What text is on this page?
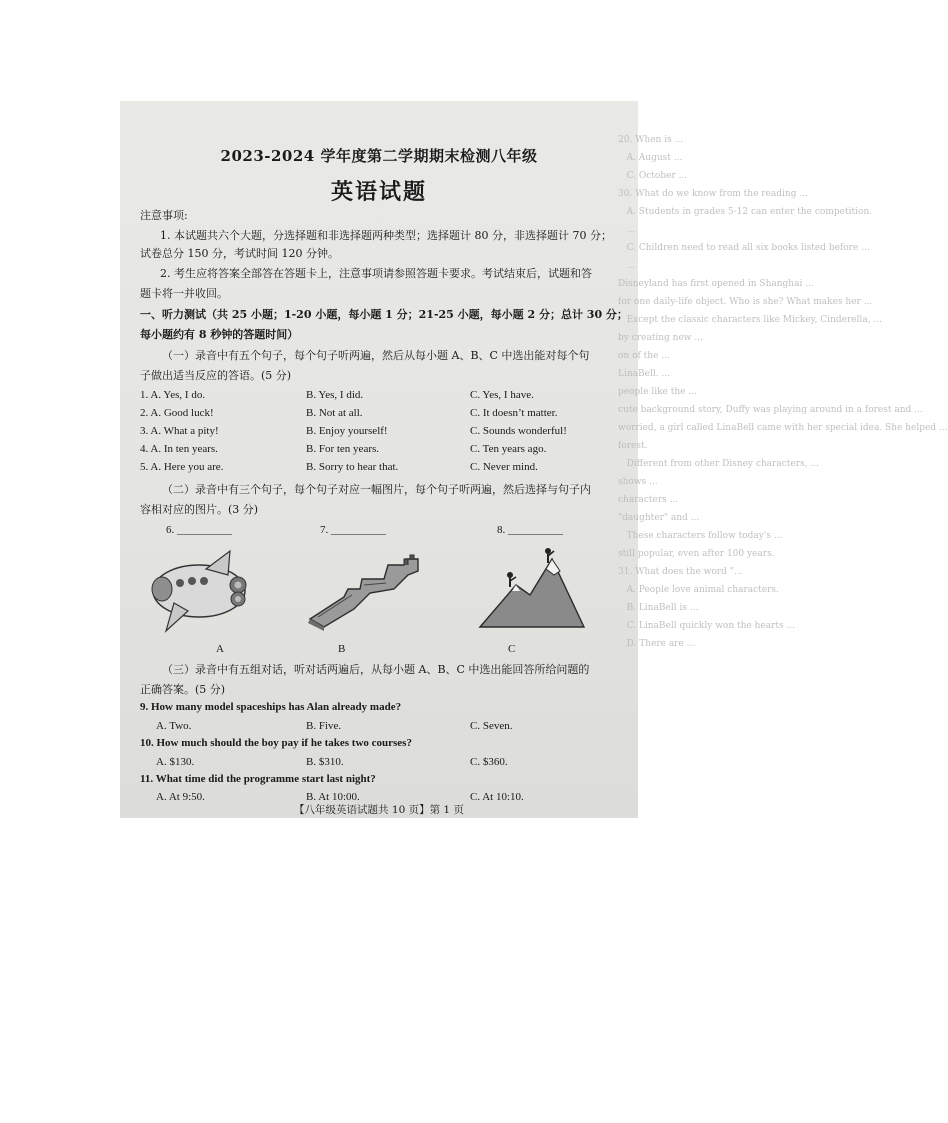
20. When is ...
A. August ...
C. October ...
30. What do we know from the reading ...
A. Students in grades 5-12 can enter the competition.
...
C. Children need to read all six books listed before ...
...
Disneyland has first opened in Shanghai ...
for one daily-life object. Who is she? What makes her ...
Except the classic characters like Mickey, Cinderella, ...
by creating new ...
on of the ...
LinaBell. ...
people like the ...
cute background story, Duffy was playing around in a forest and ...
worried, a girl called LinaBell came with her special idea. She helped ...
forest.
Different from other Disney characters, ...
shows ...
characters ...
"daughter" and ...
These characters follow today's ...
still popular, even after 100 years.
31. What does the word "...
A. People love animal characters.
B. LinaBell is ...
C. LinaBell quickly won the hearts ...
D. There are ...
2023-2024 学年度第二学期期末检测八年级
英语试题
注意事项:
1. 本试题共六个大题，分选择题和非选择题两种类型；选择题计 80 分，非选择题计 70 分；
试卷总分 150 分，考试时间 120 分钟。
2. 考生应将答案全部答在答题卡上，注意事项请参照答题卡要求。考试结束后，试题和答
题卡将一并收回。
一、听力测试（共 25 小题；1-20 小题，每小题 1 分；21-25 小题，每小题 2 分；总计 30 分；
每小题约有 8 秒钟的答题时间）
（一）录音中有五个句子，每个句子听两遍，然后从每小题 A、B、C 中选出能对每个句
子做出适当反应的答语。(5 分)
1. A. Yes, I do.	B. Yes, I did.	C. Yes, I have.
2. A. Good luck!	B. Not at all.	C. It doesn’t matter.
3. A. What a pity!	B. Enjoy yourself!	C. Sounds wonderful!
4. A. In ten years.	B. For ten years.	C. Ten years ago.
5. A. Here you are.	B. Sorry to hear that.	C. Never mind.
（二）录音中有三个句子，每个句子对应一幅图片，每个句子听两遍，然后选择与句子内
容相对应的图片。(3 分)
6. __________	7. __________	8. __________
A	B	C
（三）录音中有五组对话，听对话两遍后，从每小题 A、B、C 中选出能回答所给问题的
正确答案。(5 分)
9. How many model spaceships has Alan already made?
A. Two.	B. Five.	C. Seven.
10. How much should the boy pay if he takes two courses?
A. $130.	B. $310.	C. $360.
11. What time did the programme start last night?
A. At 9:50.	B. At 10:00.	C. At 10:10.
【八年级英语试题共 10 页】第 1 页
